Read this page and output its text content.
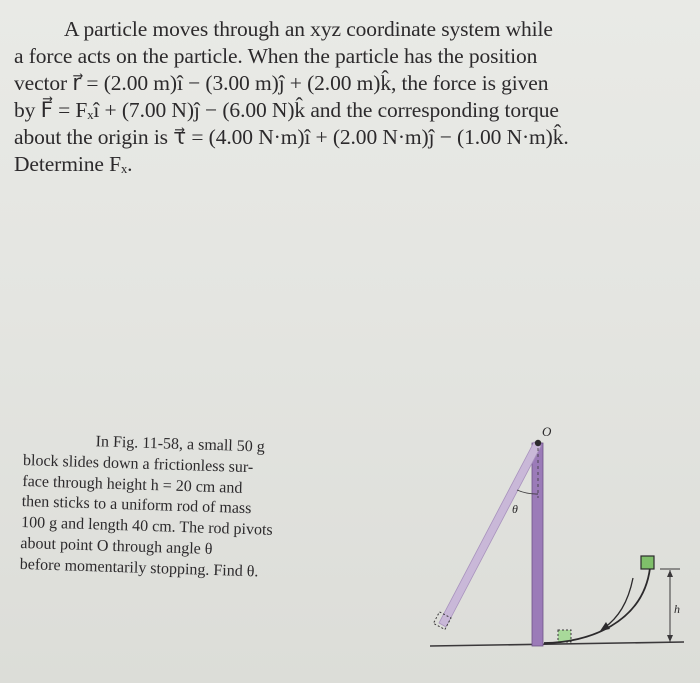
A particle moves through an xyz coordinate system while
a force acts on the particle. When the particle has the position
vector r⃗ = (2.00 m)î − (3.00 m)ĵ + (2.00 m)k̂, the force is given
by F⃗ = Fₓî + (7.00 N)ĵ − (6.00 N)k̂ and the corresponding torque
about the origin is τ⃗ = (4.00 N·m)î + (2.00 N·m)ĵ − (1.00 N·m)k̂.
Determine Fₓ.
In Fig. 11-58, a small 50 g
block slides down a frictionless sur-
face through height h = 20 cm and
then sticks to a uniform rod of mass
100 g and length 40 cm. The rod pivots
about point O through angle θ
before momentarily stopping. Find θ.
O
θ
h
